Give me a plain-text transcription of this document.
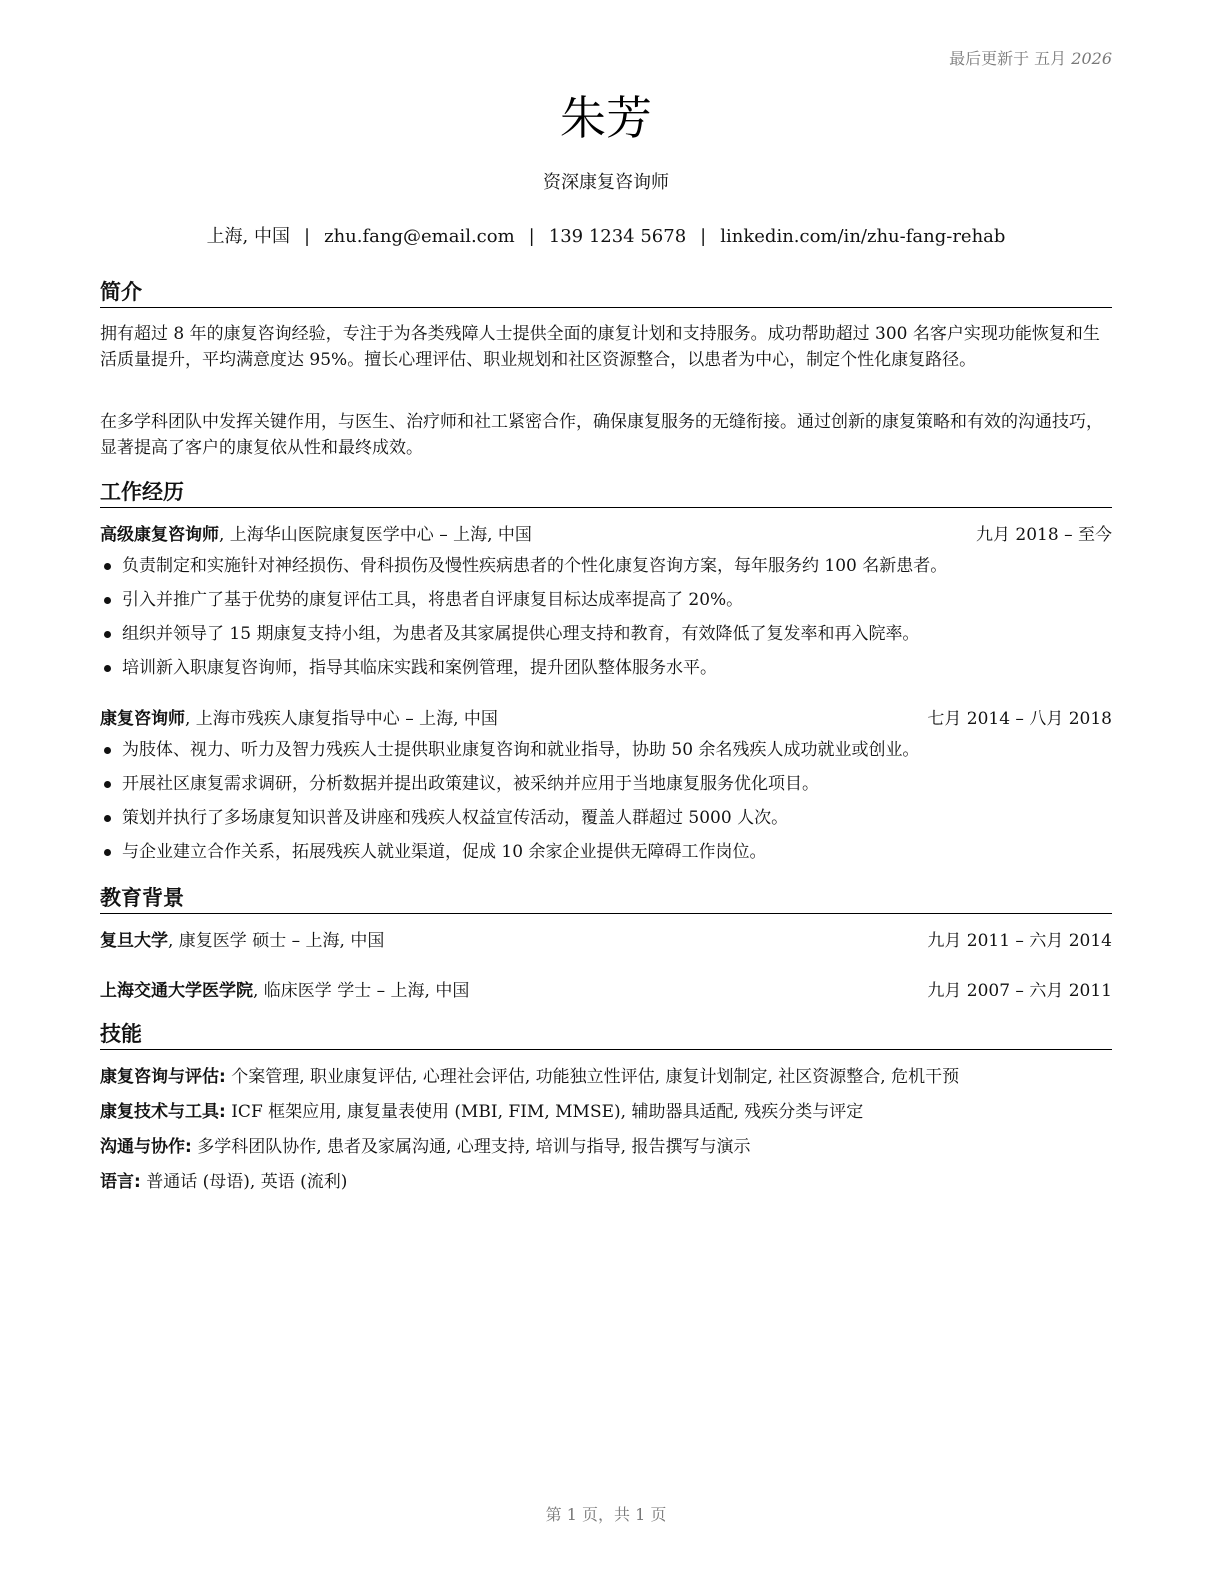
最后更新于 五月 2026
朱芳
资深康复咨询师
上海, 中国 | zhu.fang@email.com | 139 1234 5678 | linkedin.com/in/zhu-fang-rehab
简介

拥有超过 8 年的康复咨询经验，专注于为各类残障人士提供全面的康复计划和支持服务。成功帮助超过 300 名客户实现功能恢复和生活质量提升，平均满意度达 95%。擅长心理评估、职业规划和社区资源整合，以患者为中心，制定个性化康复路径。

在多学科团队中发挥关键作用，与医生、治疗师和社工紧密合作，确保康复服务的无缝衔接。通过创新的康复策略和有效的沟通技巧，显著提高了客户的康复依从性和最终成效。

工作经历
高级康复咨询师, 上海华山医院康复医学中心 – 上海, 中国	九月 2018 – 至今
负责制定和实施针对神经损伤、骨科损伤及慢性疾病患者的个性化康复咨询方案，每年服务约 100 名新患者。
引入并推广了基于优势的康复评估工具，将患者自评康复目标达成率提高了 20%。
组织并领导了 15 期康复支持小组，为患者及其家属提供心理支持和教育，有效降低了复发率和再入院率。
培训新入职康复咨询师，指导其临床实践和案例管理，提升团队整体服务水平。
康复咨询师, 上海市残疾人康复指导中心 – 上海, 中国	七月 2014 – 八月 2018
为肢体、视力、听力及智力残疾人士提供职业康复咨询和就业指导，协助 50 余名残疾人成功就业或创业。
开展社区康复需求调研，分析数据并提出政策建议，被采纳并应用于当地康复服务优化项目。
策划并执行了多场康复知识普及讲座和残疾人权益宣传活动，覆盖人群超过 5000 人次。
与企业建立合作关系，拓展残疾人就业渠道，促成 10 余家企业提供无障碍工作岗位。
教育背景
复旦大学, 康复医学 硕士 – 上海, 中国	九月 2011 – 六月 2014
上海交通大学医学院, 临床医学 学士 – 上海, 中国	九月 2007 – 六月 2011
技能
康复咨询与评估: 个案管理, 职业康复评估, 心理社会评估, 功能独立性评估, 康复计划制定, 社区资源整合, 危机干预
康复技术与工具: ICF 框架应用, 康复量表使用 (MBI, FIM, MMSE), 辅助器具适配, 残疾分类与评定
沟通与协作: 多学科团队协作, 患者及家属沟通, 心理支持, 培训与指导, 报告撰写与演示
语言: 普通话 (母语), 英语 (流利)
第 1 页，共 1 页
